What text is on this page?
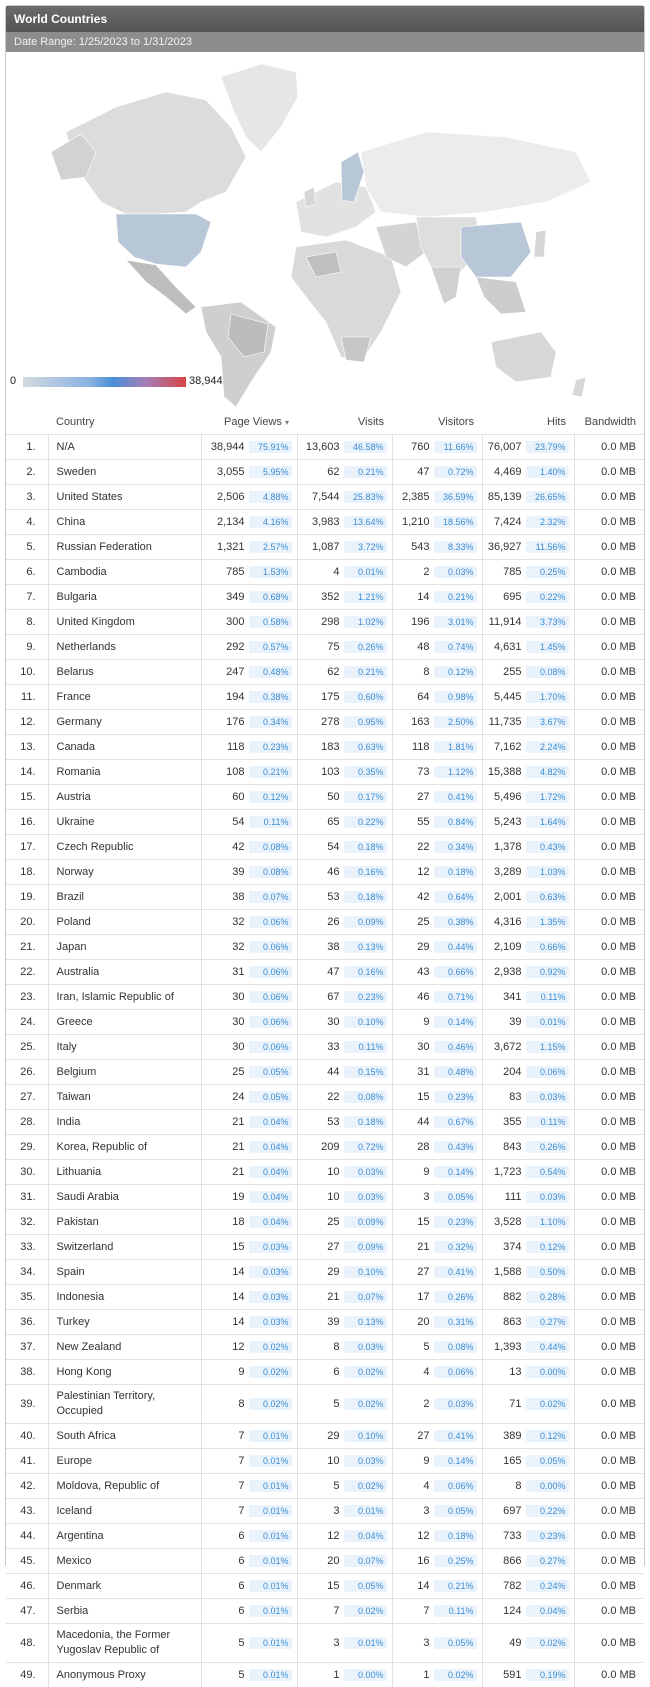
World Countries
Date Range: 1/25/2023 to 1/31/2023
0	38,944
	Country	Page Views ▾	Visits	Visitors	Hits	Bandwidth
1.	N/A	38,944 75.91%	13,603 46.58%	760 11.66%	76,007 23.79%	0.0 MB
2.	Sweden	3,055 5.95%	62 0.21%	47 0.72%	4,469 1.40%	0.0 MB
3.	United States	2,506 4.88%	7,544 25.83%	2,385 36.59%	85,139 26.65%	0.0 MB
4.	China	2,134 4.16%	3,983 13.64%	1,210 18.56%	7,424 2.32%	0.0 MB
5.	Russian Federation	1,321 2.57%	1,087 3.72%	543 8.33%	36,927 11.56%	0.0 MB
6.	Cambodia	785 1.53%	4 0.01%	2 0.03%	785 0.25%	0.0 MB
7.	Bulgaria	349 0.68%	352 1.21%	14 0.21%	695 0.22%	0.0 MB
8.	United Kingdom	300 0.58%	298 1.02%	196 3.01%	11,914 3.73%	0.0 MB
9.	Netherlands	292 0.57%	75 0.26%	48 0.74%	4,631 1.45%	0.0 MB
10.	Belarus	247 0.48%	62 0.21%	8 0.12%	255 0.08%	0.0 MB
11.	France	194 0.38%	175 0.60%	64 0.98%	5,445 1.70%	0.0 MB
12.	Germany	176 0.34%	278 0.95%	163 2.50%	11,735 3.67%	0.0 MB
13.	Canada	118 0.23%	183 0.63%	118 1.81%	7,162 2.24%	0.0 MB
14.	Romania	108 0.21%	103 0.35%	73 1.12%	15,388 4.82%	0.0 MB
15.	Austria	60 0.12%	50 0.17%	27 0.41%	5,496 1.72%	0.0 MB
16.	Ukraine	54 0.11%	65 0.22%	55 0.84%	5,243 1.64%	0.0 MB
17.	Czech Republic	42 0.08%	54 0.18%	22 0.34%	1,378 0.43%	0.0 MB
18.	Norway	39 0.08%	46 0.16%	12 0.18%	3,289 1.03%	0.0 MB
19.	Brazil	38 0.07%	53 0.18%	42 0.64%	2,001 0.63%	0.0 MB
20.	Poland	32 0.06%	26 0.09%	25 0.38%	4,316 1.35%	0.0 MB
21.	Japan	32 0.06%	38 0.13%	29 0.44%	2,109 0.66%	0.0 MB
22.	Australia	31 0.06%	47 0.16%	43 0.66%	2,938 0.92%	0.0 MB
23.	Iran, Islamic Republic of	30 0.06%	67 0.23%	46 0.71%	341 0.11%	0.0 MB
24.	Greece	30 0.06%	30 0.10%	9 0.14%	39 0.01%	0.0 MB
25.	Italy	30 0.06%	33 0.11%	30 0.46%	3,672 1.15%	0.0 MB
26.	Belgium	25 0.05%	44 0.15%	31 0.48%	204 0.06%	0.0 MB
27.	Taiwan	24 0.05%	22 0.08%	15 0.23%	83 0.03%	0.0 MB
28.	India	21 0.04%	53 0.18%	44 0.67%	355 0.11%	0.0 MB
29.	Korea, Republic of	21 0.04%	209 0.72%	28 0.43%	843 0.26%	0.0 MB
30.	Lithuania	21 0.04%	10 0.03%	9 0.14%	1,723 0.54%	0.0 MB
31.	Saudi Arabia	19 0.04%	10 0.03%	3 0.05%	111 0.03%	0.0 MB
32.	Pakistan	18 0.04%	25 0.09%	15 0.23%	3,528 1.10%	0.0 MB
33.	Switzerland	15 0.03%	27 0.09%	21 0.32%	374 0.12%	0.0 MB
34.	Spain	14 0.03%	29 0.10%	27 0.41%	1,588 0.50%	0.0 MB
35.	Indonesia	14 0.03%	21 0.07%	17 0.26%	882 0.28%	0.0 MB
36.	Turkey	14 0.03%	39 0.13%	20 0.31%	863 0.27%	0.0 MB
37.	New Zealand	12 0.02%	8 0.03%	5 0.08%	1,393 0.44%	0.0 MB
38.	Hong Kong	9 0.02%	6 0.02%	4 0.06%	13 0.00%	0.0 MB
39.	Palestinian Territory, Occupied	8 0.02%	5 0.02%	2 0.03%	71 0.02%	0.0 MB
40.	South Africa	7 0.01%	29 0.10%	27 0.41%	389 0.12%	0.0 MB
41.	Europe	7 0.01%	10 0.03%	9 0.14%	165 0.05%	0.0 MB
42.	Moldova, Republic of	7 0.01%	5 0.02%	4 0.06%	8 0.00%	0.0 MB
43.	Iceland	7 0.01%	3 0.01%	3 0.05%	697 0.22%	0.0 MB
44.	Argentina	6 0.01%	12 0.04%	12 0.18%	733 0.23%	0.0 MB
45.	Mexico	6 0.01%	20 0.07%	16 0.25%	866 0.27%	0.0 MB
46.	Denmark	6 0.01%	15 0.05%	14 0.21%	782 0.24%	0.0 MB
47.	Serbia	6 0.01%	7 0.02%	7 0.11%	124 0.04%	0.0 MB
48.	Macedonia, the Former Yugoslav Republic of	5 0.01%	3 0.01%	3 0.05%	49 0.02%	0.0 MB
49.	Anonymous Proxy	5 0.01%	1 0.00%	1 0.02%	591 0.19%	0.0 MB
